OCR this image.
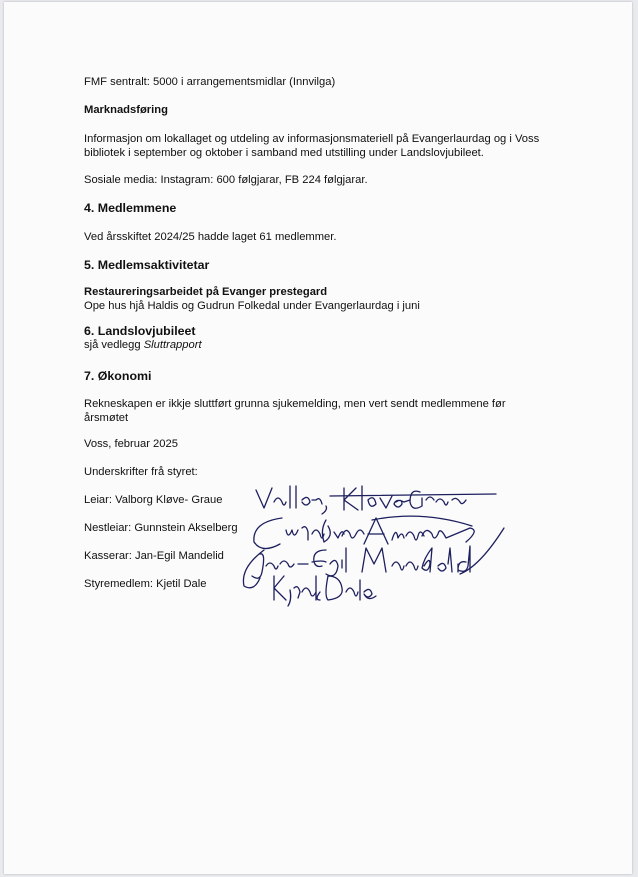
FMF sentralt: 5000 i arrangementsmidlar (Innvilga)
Marknadsføring
Informasjon om lokallaget og utdeling av informasjonsmateriell på Evangerlaurdag og i Voss
bibliotek i september og oktober i samband med utstilling under Landslovjubileet.
Sosiale media: Instagram: 600 følgjarar, FB 224 følgjarar.
4. Medlemmene
Ved årsskiftet 2024/25 hadde laget 61 medlemmer.
5. Medlemsaktivitetar
Restaureringsarbeidet på Evanger prestegard
Ope hus hjå Haldis og Gudrun Folkedal under Evangerlaurdag i juni
6. Landslovjubileet
sjå vedlegg Sluttrapport
7. Økonomi
Rekneskapen er ikkje sluttført grunna sjukemelding, men vert sendt medlemmene før
årsmøtet
Voss, februar 2025
Underskrifter frå styret:
Leiar: Valborg Kløve- Graue
Nestleiar: Gunnstein Akselberg
Kasserar: Jan-Egil Mandelid
Styremedlem: Kjetil Dale
